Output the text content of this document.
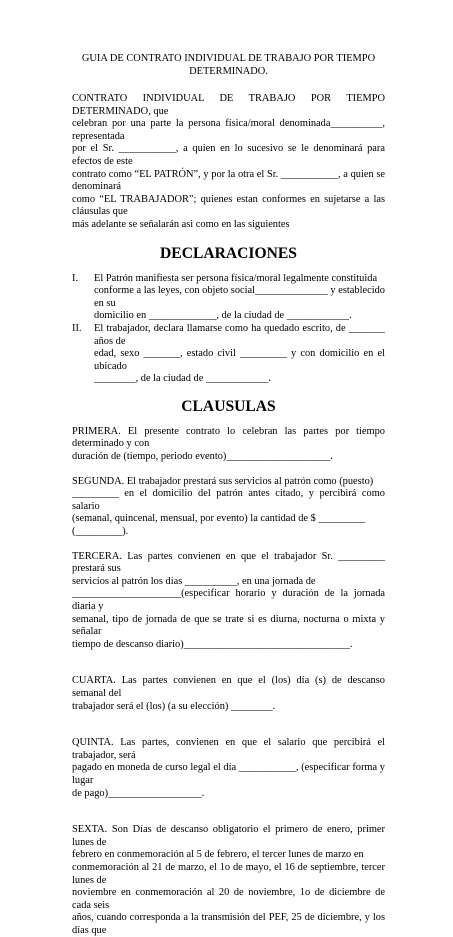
GUIA DE CONTRATO INDIVIDUAL DE TRABAJO POR TIEMPO
DETERMINADO.
CONTRATO INDIVIDUAL DE TRABAJO POR TIEMPO DETERMINADO, que
celebran por una parte la persona física/moral denominada__________, representada
por el Sr. ___________, a quien en lo sucesivo se le denominará para efectos de este
contrato como “EL PATRÓN”, y por la otra el Sr. ___________, a quien se denominará
como “EL TRABAJADOR”; quienes estan conformes en sujetarse a las cláusulas que
más adelante se señalarán asi como en las siguientes
DECLARACIONES
I.	El Patrón manifiesta ser persona física/moral legalmente constituida
conforme a las leyes, con objeto social______________ y establecido en su
domicilio en _____________, de la ciudad de ____________.
II.	El trabajador, declara llamarse como ha quedado escrito, de _______ años de
edad, sexo _______, estado civil _________ y con domicilio en el ubicado
________, de la ciudad de ____________.
CLAUSULAS
PRIMERA. El presente contrato lo celebran las partes por tiempo determinado y con
duración de (tiempo, periodo evento)____________________.
SEGUNDA. El trabajador prestará sus servicios al patrón como (puesto)
_________ en el domicilio del patrón antes citado, y percibirá como salario
(semanal, quincenal, mensual, por evento) la cantidad de $ _________
(_________).
TERCERA. Las partes convienen en que el trabajador Sr. _________ prestará sus
servicios al patrón los días __________, en una jornada de
_____________________(especificar horario y duración de la jornada diaria y
semanal, tipo de jornada de que se trate si es diurna, nocturna o mixta y señalar
tiempo de descanso diario)________________________________.
CUARTA. Las partes convienen en que el (los) día (s) de descanso semanal del
trabajador será el (los) (a su elección) ________.
QUINTA. Las partes, convienen en que el salario que percibirá el trabajador, será
pagado en moneda de curso legal el día ___________, (especificar forma y lugar
de pago)__________________.
SEXTA. Son Días de descanso obligatorio el primero de enero, primer lunes de
febrero en conmemoración al 5 de febrero, el tercer lunes de marzo en
conmemoración al 21 de marzo, el 1o de mayo, el 16 de septiembre, tercer lunes de
noviembre en conmemoración al 20 de noviembre, 1o de diciembre de cada seis
años, cuando corresponda a la transmisión del PEF, 25 de diciembre, y los días que
